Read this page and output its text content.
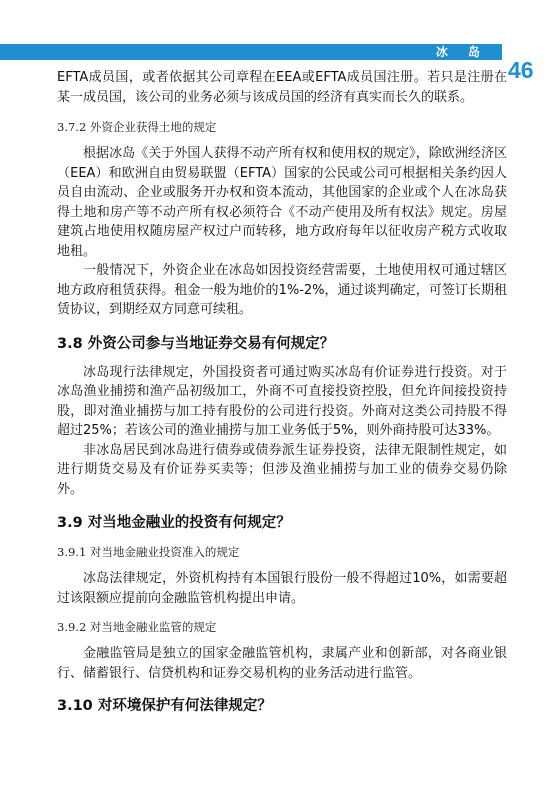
冰 岛
46

EFTA成员国，或者依据其公司章程在EEA或EFTA成员国注册。若只是注册在某一成员国，该公司的业务必须与该成员国的经济有真实而长久的联系。

3.7.2 外资企业获得土地的规定

根据冰岛《关于外国人获得不动产所有权和使用权的规定》，除欧洲经济区（EEA）和欧洲自由贸易联盟（EFTA）国家的公民或公司可根据相关条约因人员自由流动、企业或服务开办权和资本流动，其他国家的企业或个人在冰岛获得土地和房产等不动产所有权必须符合《不动产使用及所有权法》规定。房屋建筑占地使用权随房屋产权过户而转移，地方政府每年以征收房产税方式收取地租。

一般情况下，外资企业在冰岛如因投资经营需要，土地使用权可通过辖区地方政府租赁获得。租金一般为地价的1%-2%，通过谈判确定，可签订长期租赁协议，到期经双方同意可续租。

3.8 外资公司参与当地证券交易有何规定？

冰岛现行法律规定，外国投资者可通过购买冰岛有价证券进行投资。对于冰岛渔业捕捞和渔产品初级加工，外商不可直接投资控股，但允许间接投资持股，即对渔业捕捞与加工持有股份的公司进行投资。外商对这类公司持股不得超过25%；若该公司的渔业捕捞与加工业务低于5%，则外商持股可达33%。

非冰岛居民到冰岛进行债券或债券派生证券投资，法律无限制性规定，如进行期货交易及有价证券买卖等；但涉及渔业捕捞与加工业的债券交易仍除外。

3.9 对当地金融业的投资有何规定？
3.9.1 对当地金融业投资准入的规定

冰岛法律规定，外资机构持有本国银行股份一般不得超过10%，如需要超过该限额应提前向金融监管机构提出申请。

3.9.2 对当地金融业监管的规定

金融监管局是独立的国家金融监管机构，隶属产业和创新部，对各商业银行、储蓄银行、信贷机构和证券交易机构的业务活动进行监管。

3.10 对环境保护有何法律规定？
